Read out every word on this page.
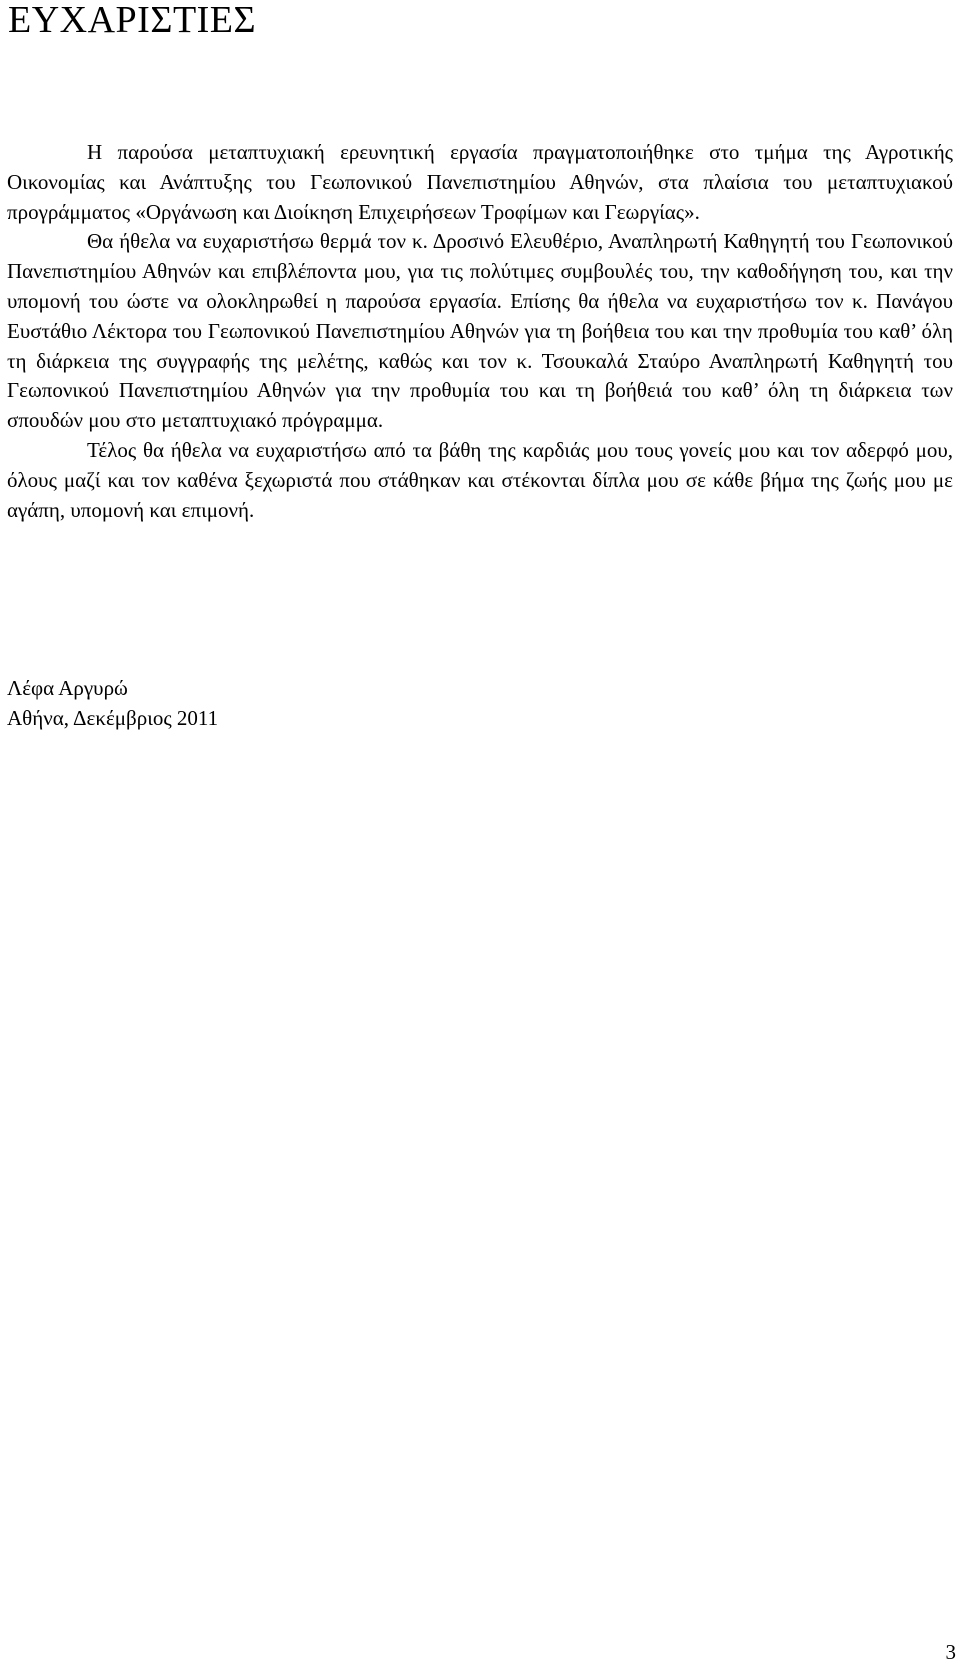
ΕΥΧΑΡΙΣΤΙΕΣ

Η παρούσα μεταπτυχιακή ερευνητική εργασία πραγματοποιήθηκε στο τμήμα της Αγροτικής Οικονομίας και Ανάπτυξης του Γεωπονικού Πανεπιστημίου Αθηνών, στα πλαίσια του μεταπτυχιακού προγράμματος «Οργάνωση και Διοίκηση Επιχειρήσεων Τροφίμων και Γεωργίας».

Θα ήθελα να ευχαριστήσω θερμά τον κ. Δροσινό Ελευθέριο, Αναπληρωτή Καθηγητή του Γεωπονικού Πανεπιστημίου Αθηνών και επιβλέποντα μου, για τις πολύτιμες συμβουλές του, την καθοδήγηση του, και την υπομονή του ώστε να ολοκληρωθεί η παρούσα εργασία. Επίσης θα ήθελα να ευχαριστήσω τον κ. Πανάγου Ευστάθιο Λέκτορα του Γεωπονικού Πανεπιστημίου Αθηνών για τη βοήθεια του και την προθυμία του καθ’ όλη τη διάρκεια της συγγραφής της μελέτης, καθώς και τον κ. Τσουκαλά Σταύρο Αναπληρωτή Καθηγητή του Γεωπονικού Πανεπιστημίου Αθηνών για την προθυμία του και τη βοήθειά του καθ’ όλη τη διάρκεια των σπουδών μου στο μεταπτυχιακό πρόγραμμα.

Τέλος θα ήθελα να ευχαριστήσω από τα βάθη της καρδιάς μου τους γονείς μου και τον αδερφό μου, όλους μαζί και τον καθένα ξεχωριστά που στάθηκαν και στέκονται δίπλα μου σε κάθε βήμα της ζωής μου με αγάπη, υπομονή και επιμονή.

Λέφα Αργυρώ
Αθήνα, Δεκέμβριος 2011
3
